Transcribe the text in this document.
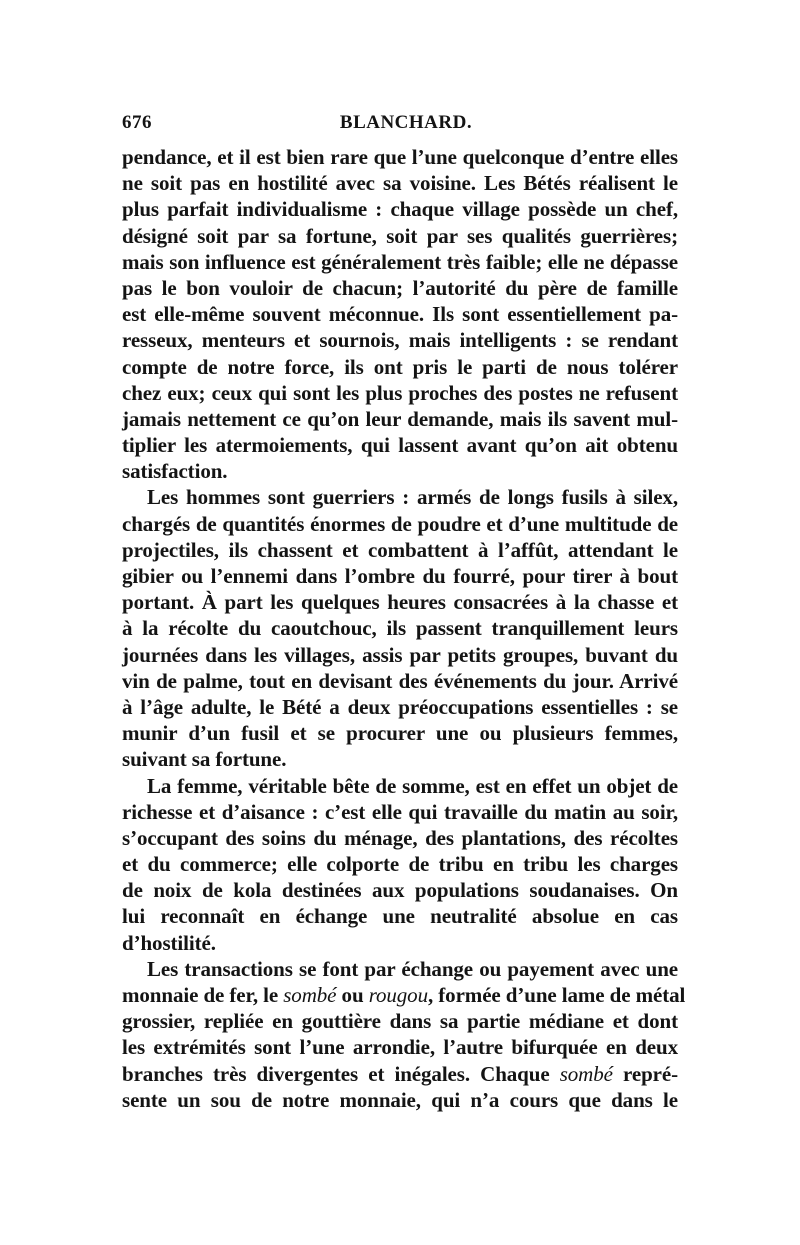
676	BLANCHARD.
pendance, et il est bien rare que l’une quelconque d’entre elles
ne soit pas en hostilité avec sa voisine. Les Bétés réalisent le
plus parfait individualisme : chaque village possède un chef,
désigné soit par sa fortune, soit par ses qualités guerrières;
mais son influence est généralement très faible; elle ne dépasse
pas le bon vouloir de chacun; l’autorité du père de famille
est elle-même souvent méconnue. Ils sont essentiellement pa-
resseux, menteurs et sournois, mais intelligents : se rendant
compte de notre force, ils ont pris le parti de nous tolérer
chez eux; ceux qui sont les plus proches des postes ne refusent
jamais nettement ce qu’on leur demande, mais ils savent mul-
tiplier les atermoiements, qui lassent avant qu’on ait obtenu
satisfaction.
Les hommes sont guerriers : armés de longs fusils à silex,
chargés de quantités énormes de poudre et d’une multitude de
projectiles, ils chassent et combattent à l’affût, attendant le
gibier ou l’ennemi dans l’ombre du fourré, pour tirer à bout
portant. À part les quelques heures consacrées à la chasse et
à la récolte du caoutchouc, ils passent tranquillement leurs
journées dans les villages, assis par petits groupes, buvant du
vin de palme, tout en devisant des événements du jour. Arrivé
à l’âge adulte, le Bété a deux préoccupations essentielles : se
munir d’un fusil et se procurer une ou plusieurs femmes,
suivant sa fortune.
La femme, véritable bête de somme, est en effet un objet de
richesse et d’aisance : c’est elle qui travaille du matin au soir,
s’occupant des soins du ménage, des plantations, des récoltes
et du commerce; elle colporte de tribu en tribu les charges
de noix de kola destinées aux populations soudanaises. On
lui reconnaît en échange une neutralité absolue en cas
d’hostilité.
Les transactions se font par échange ou payement avec une
monnaie de fer, le sombé ou rougou, formée d’une lame de métal
grossier, repliée en gouttière dans sa partie médiane et dont
les extrémités sont l’une arrondie, l’autre bifurquée en deux
branches très divergentes et inégales. Chaque sombé repré-
sente un sou de notre monnaie, qui n’a cours que dans le
